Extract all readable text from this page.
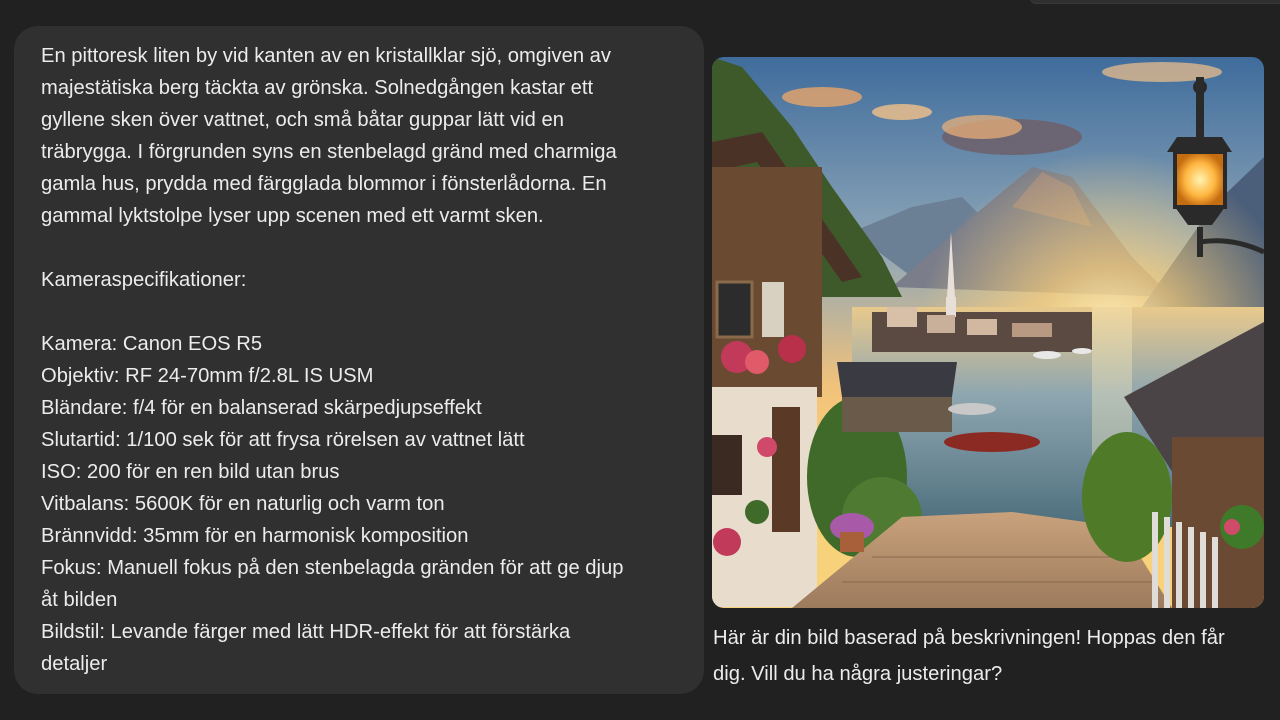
En pittoresk liten by vid kanten av en kristallklar sjö, omgiven av

majestätiska berg täckta av grönska. Solnedgången kastar ett

gyllene sken över vattnet, och små båtar guppar lätt vid en

träbrygga. I förgrunden syns en stenbelagd gränd med charmiga

gamla hus, prydda med färgglada blommor i fönsterlådorna. En

gammal lyktstolpe lyser upp scenen med ett varmt sken.

Kameraspecifikationer:

Kamera: Canon EOS R5

Objektiv: RF 24-70mm f/2.8L IS USM

Bländare: f/4 för en balanserad skärpedjupseffekt

Slutartid: 1/100 sek för att frysa rörelsen av vattnet lätt

ISO: 200 för en ren bild utan brus

Vitbalans: 5600K för en naturlig och varm ton

Brännvidd: 35mm för en harmonisk komposition

Fokus: Manuell fokus på den stenbelagda gränden för att ge djup

åt bilden

Bildstil: Levande färger med lätt HDR-effekt för att förstärka

detaljer

Här är din bild baserad på beskrivningen! Hoppas den får
dig. Vill du ha några justeringar?
